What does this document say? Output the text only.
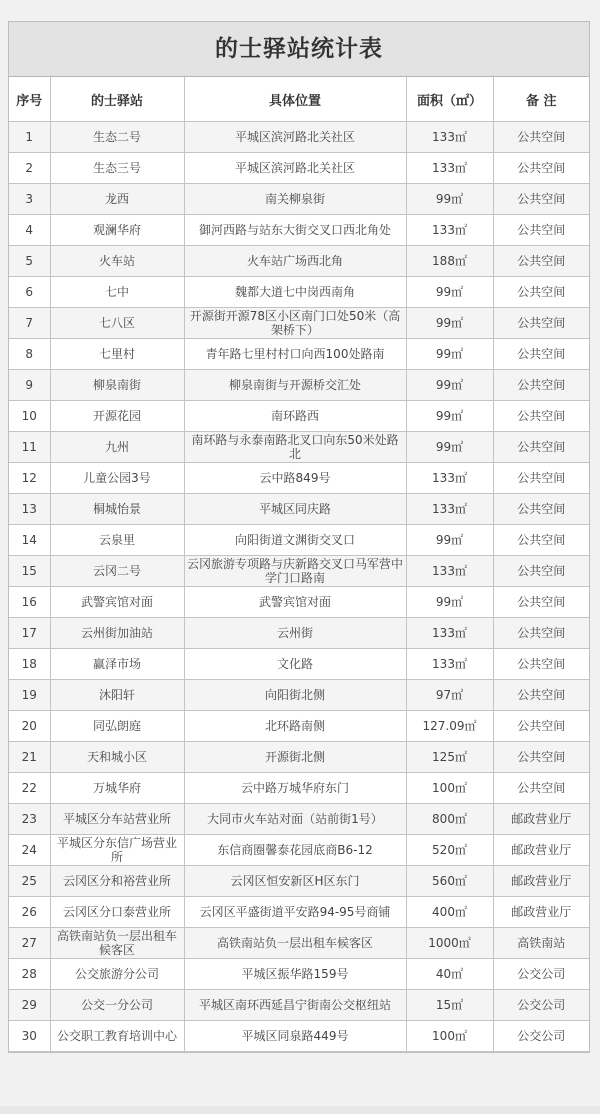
的士驿站统计表
序号	的士驿站	具体位置	面积（㎡）	备 注
1	生态二号	平城区滨河路北关社区	133㎡	公共空间
2	生态三号	平城区滨河路北关社区	133㎡	公共空间
3	龙西	南关柳泉街	99㎡	公共空间
4	观澜华府	御河西路与站东大街交叉口西北角处	133㎡	公共空间
5	火车站	火车站广场西北角	188㎡	公共空间
6	七中	魏都大道七中岗西南角	99㎡	公共空间
7	七八区	开源街开源78区小区南门口处50米（高架桥下）	99㎡	公共空间
8	七里村	青年路七里村村口向西100处路南	99㎡	公共空间
9	柳泉南街	柳泉南街与开源桥交汇处	99㎡	公共空间
10	开源花园	南环路西	99㎡	公共空间
11	九州	南环路与永泰南路北叉口向东50米处路北	99㎡	公共空间
12	儿童公园3号	云中路849号	133㎡	公共空间
13	桐城怡景	平城区同庆路	133㎡	公共空间
14	云泉里	向阳街道文渊街交叉口	99㎡	公共空间
15	云冈二号	云冈旅游专项路与庆新路交叉口马军营中学门口路南	133㎡	公共空间
16	武警宾馆对面	武警宾馆对面	99㎡	公共空间
17	云州街加油站	云州街	133㎡	公共空间
18	赢泽市场	文化路	133㎡	公共空间
19	沐阳轩	向阳街北侧	97㎡	公共空间
20	同弘朗庭	北环路南侧	127.09㎡	公共空间
21	天和城小区	开源街北侧	125㎡	公共空间
22	万城华府	云中路万城华府东门	100㎡	公共空间
23	平城区分车站营业所	大同市火车站对面（站前街1号）	800㎡	邮政营业厅
24	平城区分东信广场营业所	东信商圈馨泰花园底商B6-12	520㎡	邮政营业厅
25	云冈区分和裕营业所	云冈区恒安新区H区东门	560㎡	邮政营业厅
26	云冈区分口泰营业所	云冈区平盛街道平安路94-95号商铺	400㎡	邮政营业厅
27	高铁南站负一层出租车候客区	高铁南站负一层出租车候客区	1000㎡	高铁南站
28	公交旅游分公司	平城区振华路159号	40㎡	公交公司
29	公交一分公司	平城区南环西延昌宁街南公交枢纽站	15㎡	公交公司
30	公交职工教育培训中心	平城区同泉路449号	100㎡	公交公司
